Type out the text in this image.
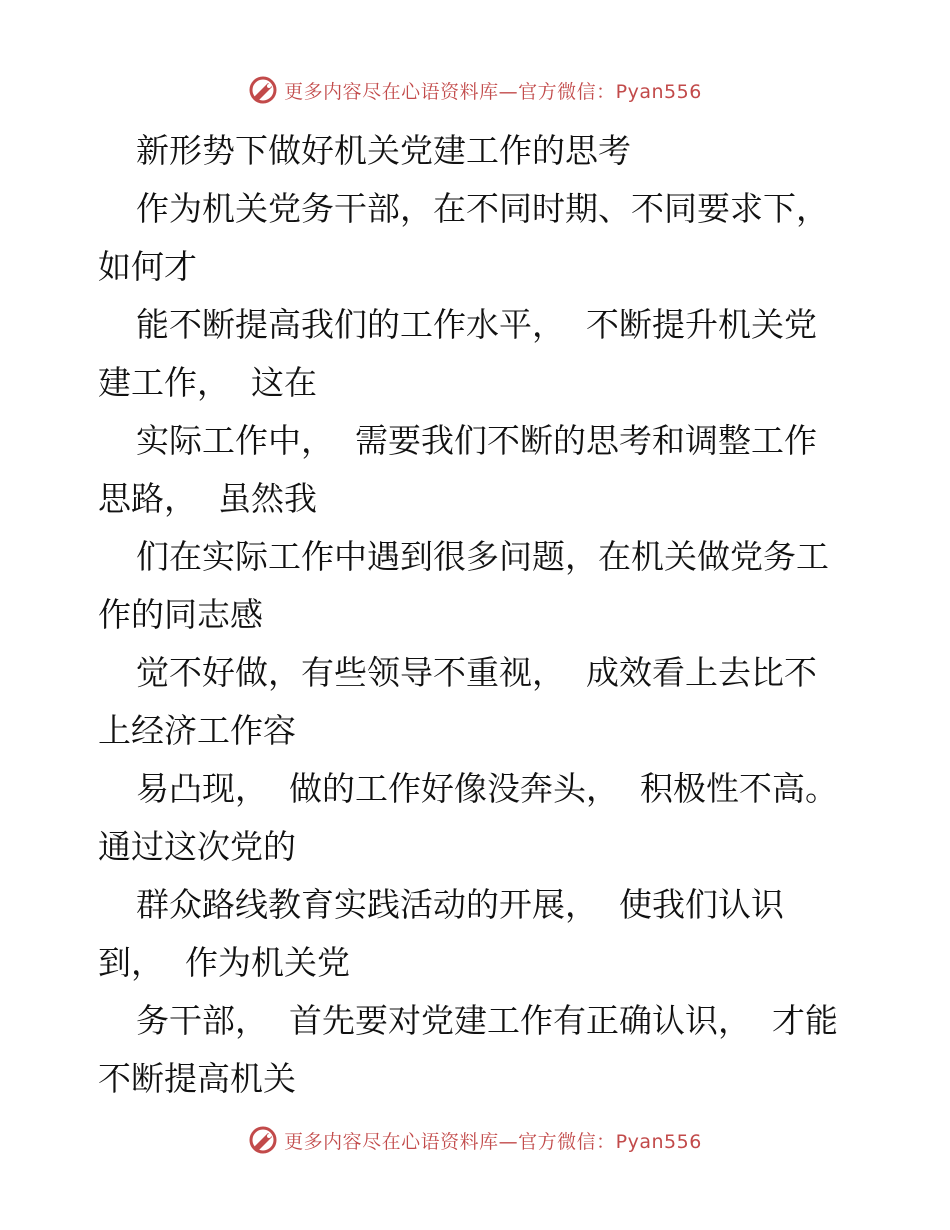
更多内容尽在心语资料库—官方微信：Pyan556

新形势下做好机关党建工作的思考

作为机关党务干部，在不同时期、不同要求下，

如何才

能不断提高我们的工作水平，  不断提升机关党

建工作，  这在

实际工作中，  需要我们不断的思考和调整工作

思路，  虽然我

们在实际工作中遇到很多问题，在机关做党务工

作的同志感

觉不好做，有些领导不重视，  成效看上去比不

上经济工作容

易凸现，  做的工作好像没奔头，  积极性不高。

通过这次党的

群众路线教育实践活动的开展，  使我们认识

到，  作为机关党

务干部，  首先要对党建工作有正确认识，  才能

不断提高机关

更多内容尽在心语资料库—官方微信：Pyan556
